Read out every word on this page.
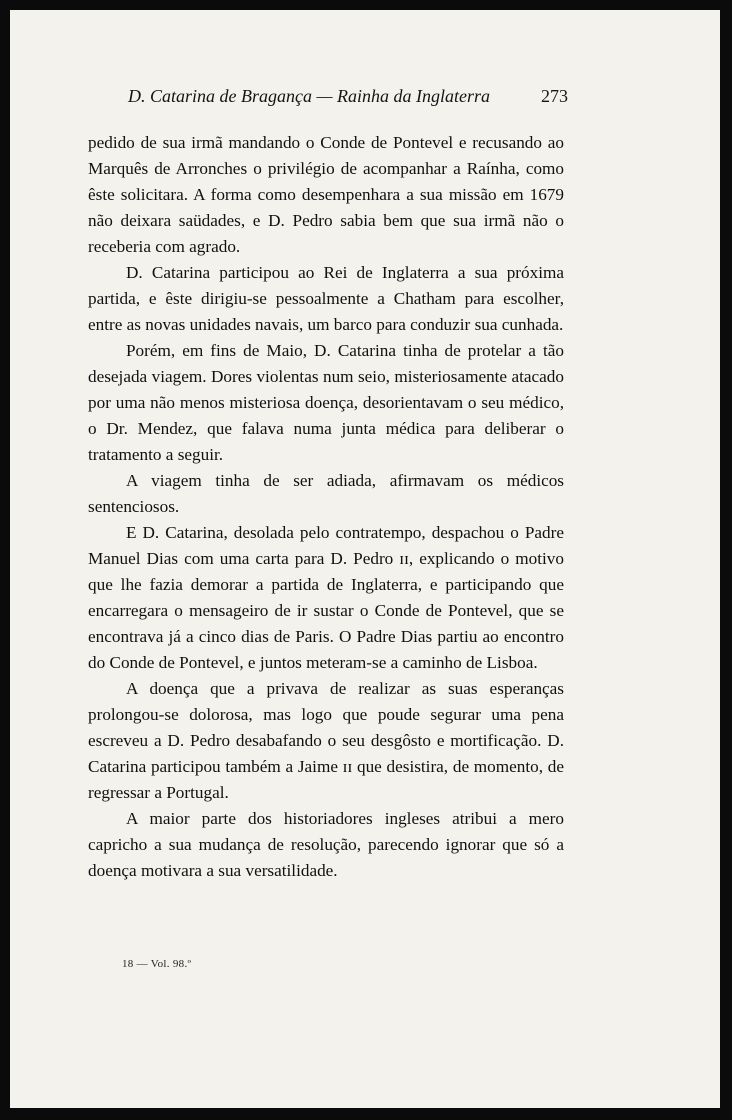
D. Catarina de Bragança — Rainha da Inglaterra	273

pedido de sua irmã mandando o Conde de Pontevel e recusando ao Marquês de Arronches o privilégio de acompanhar a Raínha, como êste solicitara. A forma como desempenhara a sua missão em 1679 não deixara saüdades, e D. Pedro sabia bem que sua irmã não o receberia com agrado.

D. Catarina participou ao Rei de Inglaterra a sua próxima partida, e êste dirigiu-se pessoalmente a Chatham para escolher, entre as novas unidades navais, um barco para conduzir sua cunhada.

Porém, em fins de Maio, D. Catarina tinha de protelar a tão desejada viagem. Dores violentas num seio, misteriosamente atacado por uma não menos misteriosa doença, desorientavam o seu médico, o Dr. Mendez, que falava numa junta médica para deliberar o tratamento a seguir.

A viagem tinha de ser adiada, afirmavam os médicos sentenciosos.

E D. Catarina, desolada pelo contratempo, despachou o Padre Manuel Dias com uma carta para D. Pedro ɪɪ, explicando o motivo que lhe fazia demorar a partida de Inglaterra, e participando que encarregara o mensageiro de ir sustar o Conde de Pontevel, que se encontrava já a cinco dias de Paris. O Padre Dias partiu ao encontro do Conde de Pontevel, e juntos meteram-se a caminho de Lisboa.

A doença que a privava de realizar as suas esperanças prolongou-se dolorosa, mas logo que poude segurar uma pena escreveu a D. Pedro desabafando o seu desgôsto e mortificação. D. Catarina participou também a Jaime ɪɪ que desistira, de momento, de regressar a Portugal.

A maior parte dos historiadores ingleses atribui a mero capricho a sua mudança de resolução, parecendo ignorar que só a doença motivara a sua versatilidade.

18 — Vol. 98.º
